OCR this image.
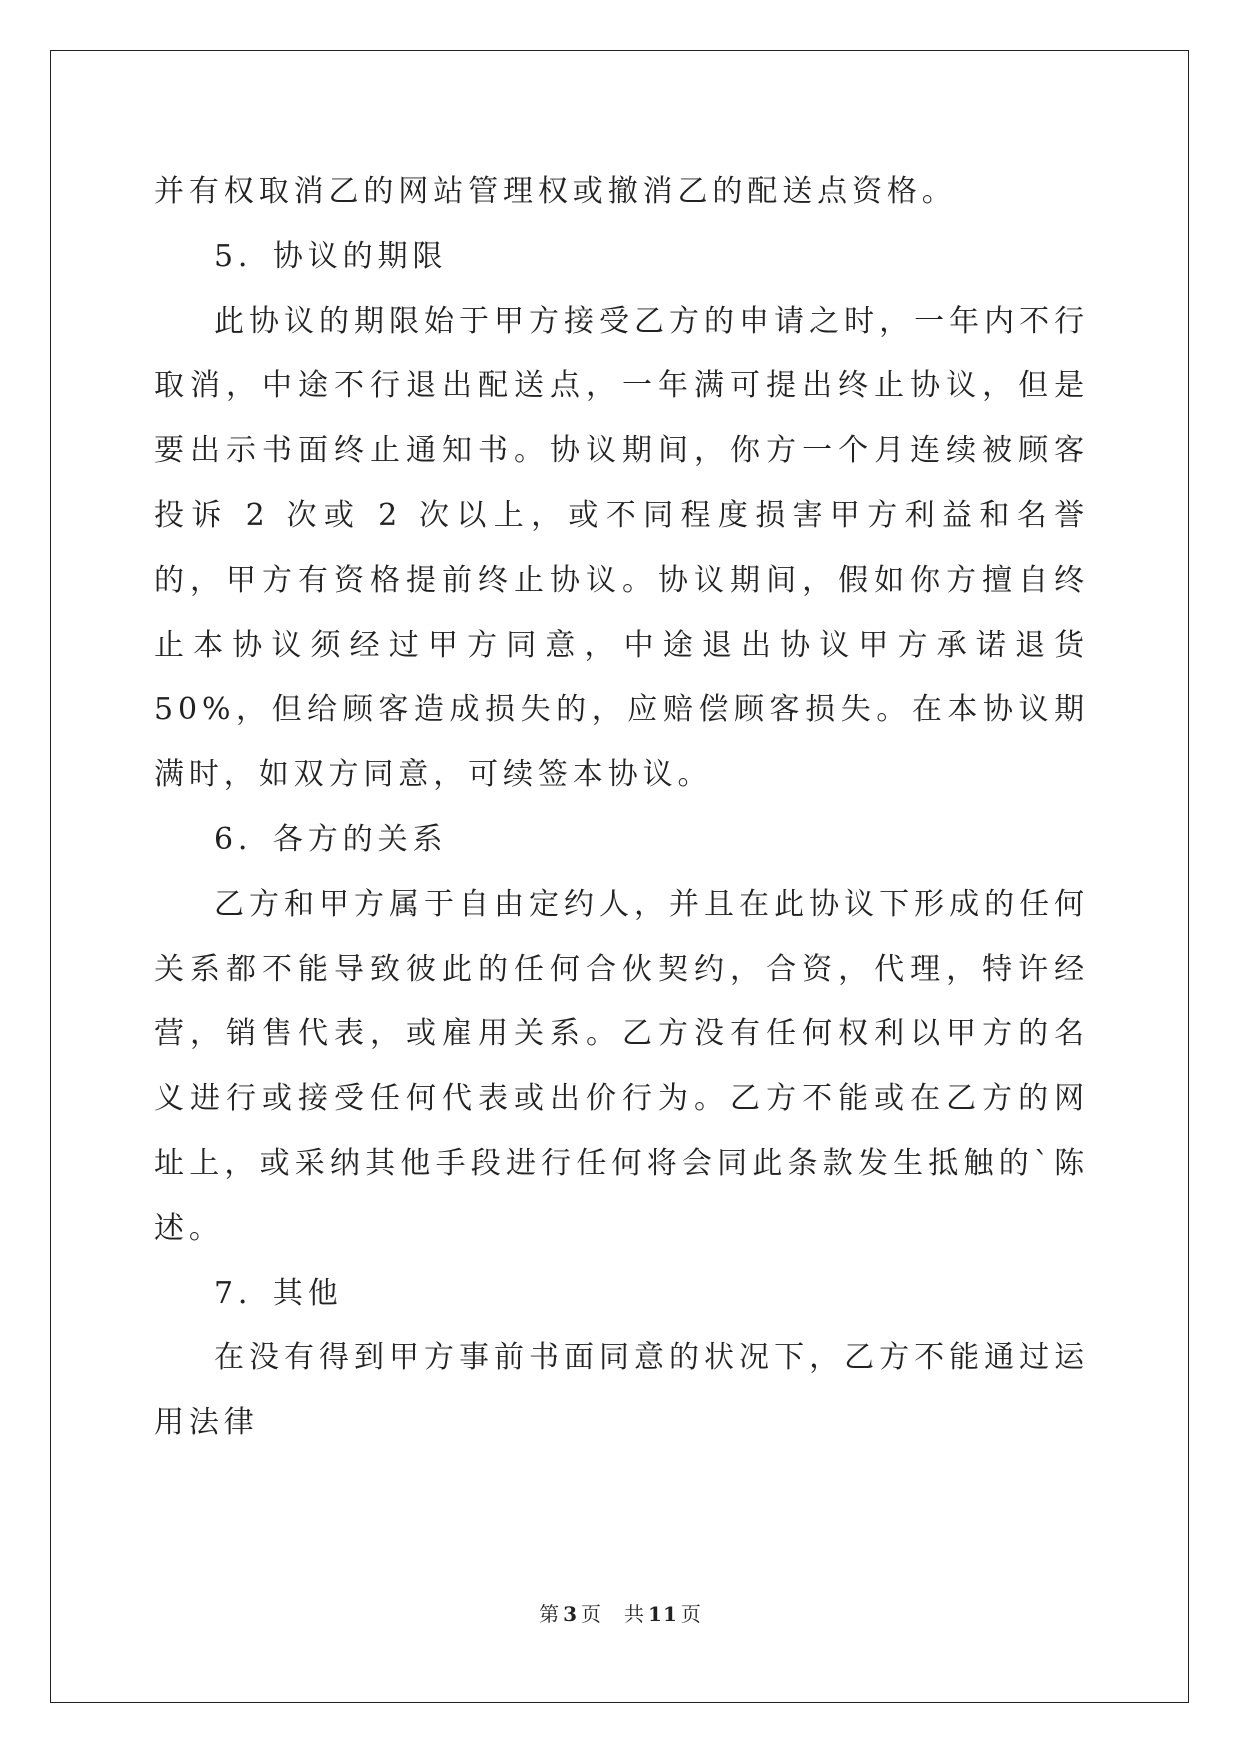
并有权取消乙的网站管理权或撤消乙的配送点资格。

5．协议的期限

此协议的期限始于甲方接受乙方的申请之时，一年内不行取消，中途不行退出配送点，一年满可提出终止协议，但是要出示书面终止通知书。协议期间，你方一个月连续被顾客投诉 2 次或 2 次以上，或不同程度损害甲方利益和名誉的，甲方有资格提前终止协议。协议期间，假如你方擅自终止本协议须经过甲方同意，中途退出协议甲方承诺退货 50%，但给顾客造成损失的，应赔偿顾客损失。在本协议期满时，如双方同意，可续签本协议。

6．各方的关系

乙方和甲方属于自由定约人，并且在此协议下形成的任何关系都不能导致彼此的任何合伙契约，合资，代理，特许经营，销售代表，或雇用关系。乙方没有任何权利以甲方的名义进行或接受任何代表或出价行为。乙方不能或在乙方的网址上，或采纳其他手段进行任何将会同此条款发生抵触的`陈述。

7．其他

在没有得到甲方事前书面同意的状况下，乙方不能通过运用法律

第 3 页 共 11 页
